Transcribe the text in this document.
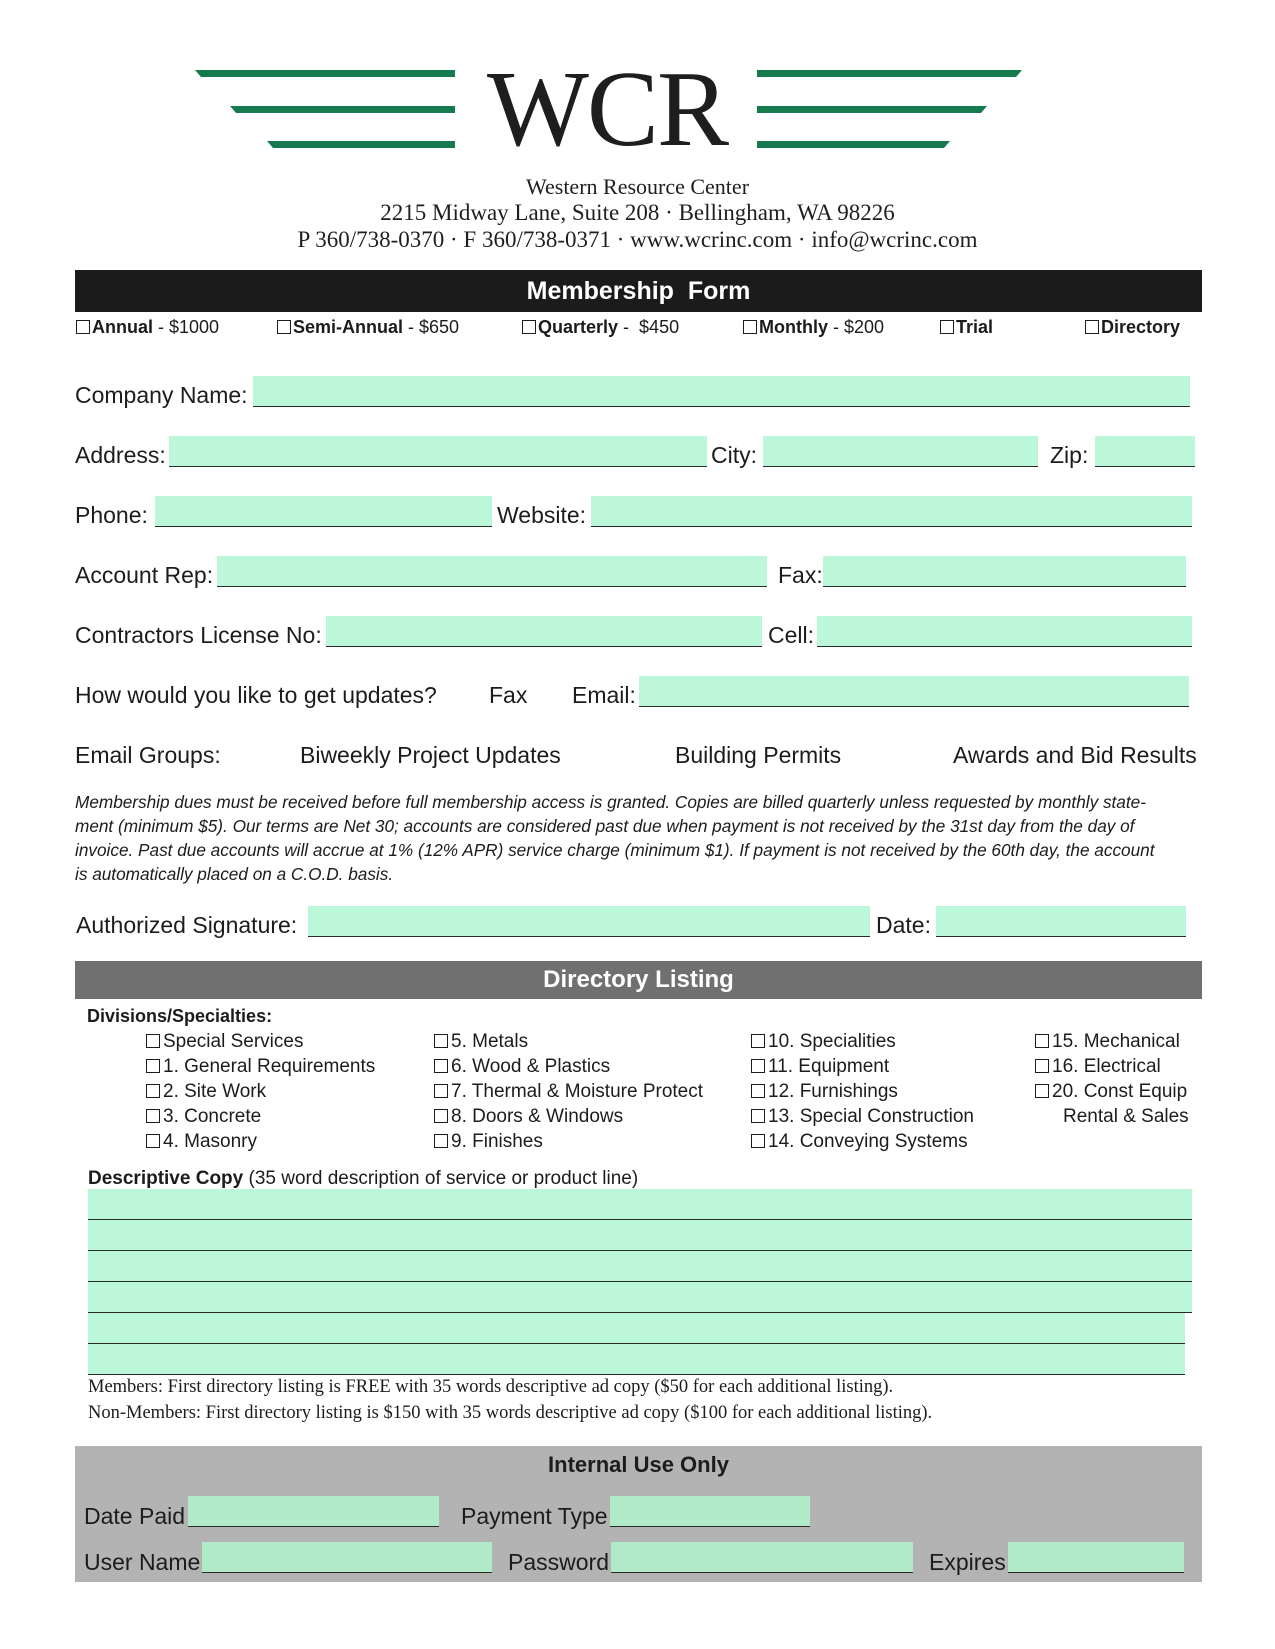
WCR
Western Resource Center
2215 Midway Lane, Suite 208 · Bellingham, WA 98226
P 360/738-0370 · F 360/738-0371 · www.wcrinc.com · info@wcrinc.com
Membership  Form
Annual - $1000	Semi-Annual - $650	Quarterly -  $450	Monthly - $200	Trial	Directory
Company Name:
Address:	City:	Zip:
Phone:	Website:
Account Rep:	Fax:
Contractors License No:	Cell:
How would you like to get updates? Fax Email:
Email Groups:	Biweekly Project Updates	Building Permits	Awards and Bid Results
Membership dues must be received before full membership access is granted. Copies are billed quarterly unless requested by monthly state-
ment (minimum $5). Our terms are Net 30; accounts are considered past due when payment is not received by the 31st day from the day of
invoice. Past due accounts will accrue at 1% (12% APR) service charge (minimum $1). If payment is not received by the 60th day, the account
is automatically placed on a C.O.D. basis.
Authorized Signature:	Date:
Directory Listing
Divisions/Specialties:
Special Services
1. General Requirements
2. Site Work
3. Concrete
4. Masonry
5. Metals
6. Wood & Plastics
7. Thermal & Moisture Protect
8. Doors & Windows
9. Finishes
10. Specialities
11. Equipment
12. Furnishings
13. Special Construction
14. Conveying Systems
15. Mechanical
16. Electrical
20. Const Equip
Rental & Sales
Descriptive Copy (35 word description of service or product line)
Members: First directory listing is FREE with 35 words descriptive ad copy ($50 for each additional listing).
Non-Members: First directory listing is $150 with 35 words descriptive ad copy ($100 for each additional listing).
Internal Use Only
Date Paid	Payment Type
User Name	Password	Expires
